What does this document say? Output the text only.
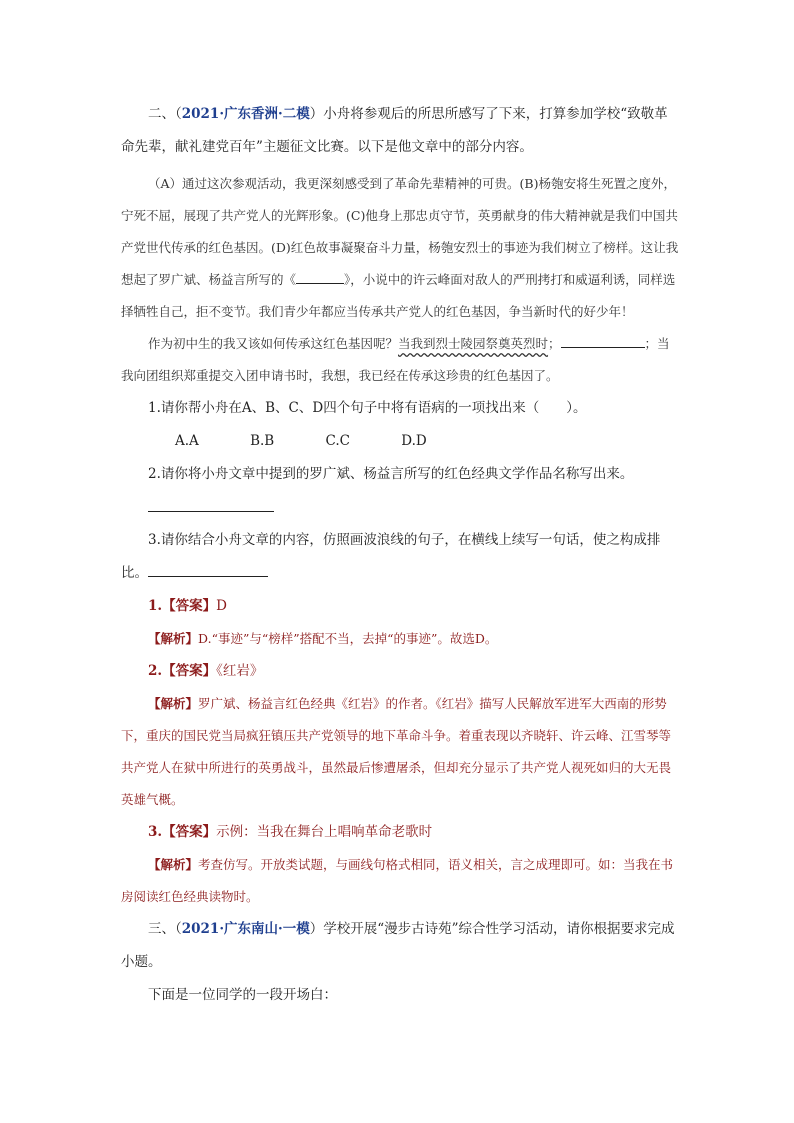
二、（2021·广东香洲·二模）小舟将参观后的所思所感写了下来，打算参加学校“致敬革命先辈，献礼建党百年”主题征文比赛。以下是他文章中的部分内容。

（A）通过这次参观活动，我更深刻感受到了革命先辈精神的可贵。(B)杨匏安将生死置之度外，宁死不屈，展现了共产党人的光辉形象。(C)他身上那忠贞守节，英勇献身的伟大精神就是我们中国共产党世代传承的红色基因。(D)红色故事凝聚奋斗力量，杨匏安烈士的事迹为我们树立了榜样。这让我想起了罗广斌、杨益言所写的《	》，小说中的许云峰面对敌人的严刑拷打和威逼利诱，同样选择牺牲自己，拒不变节。我们青少年都应当传承共产党人的红色基因，争当新时代的好少年！

作为初中生的我又该如何传承这红色基因呢？当我到烈士陵园祭奠英烈时；	；当我向团组织郑重提交入团申请书时，我想，我已经在传承这珍贵的红色基因了。

1.请你帮小舟在A、B、C、D四个句子中将有语病的一项找出来（　　）。

A.A	B.B	C.C	D.D

2.请你将小舟文章中提到的罗广斌、杨益言所写的红色经典文学作品名称写出来。

3.请你结合小舟文章的内容，仿照画波浪线的句子，在横线上续写一句话，使之构成排比。

1.【答案】D

【解析】D.“事迹”与“榜样”搭配不当，去掉“的事迹”。故选D。

2.【答案】《红岩》

【解析】罗广斌、杨益言红色经典《红岩》的作者。《红岩》描写人民解放军进军大西南的形势下，重庆的国民党当局疯狂镇压共产党领导的地下革命斗争。着重表现以齐晓轩、许云峰、江雪琴等共产党人在狱中所进行的英勇战斗，虽然最后惨遭屠杀，但却充分显示了共产党人视死如归的大无畏英雄气概。

3.【答案】示例：当我在舞台上唱响革命老歌时

【解析】考查仿写。开放类试题，与画线句格式相同，语义相关，言之成理即可。如：当我在书房阅读红色经典读物时。

三、（2021·广东南山·一模）学校开展“漫步古诗苑”综合性学习活动，请你根据要求完成小题。

下面是一位同学的一段开场白：
